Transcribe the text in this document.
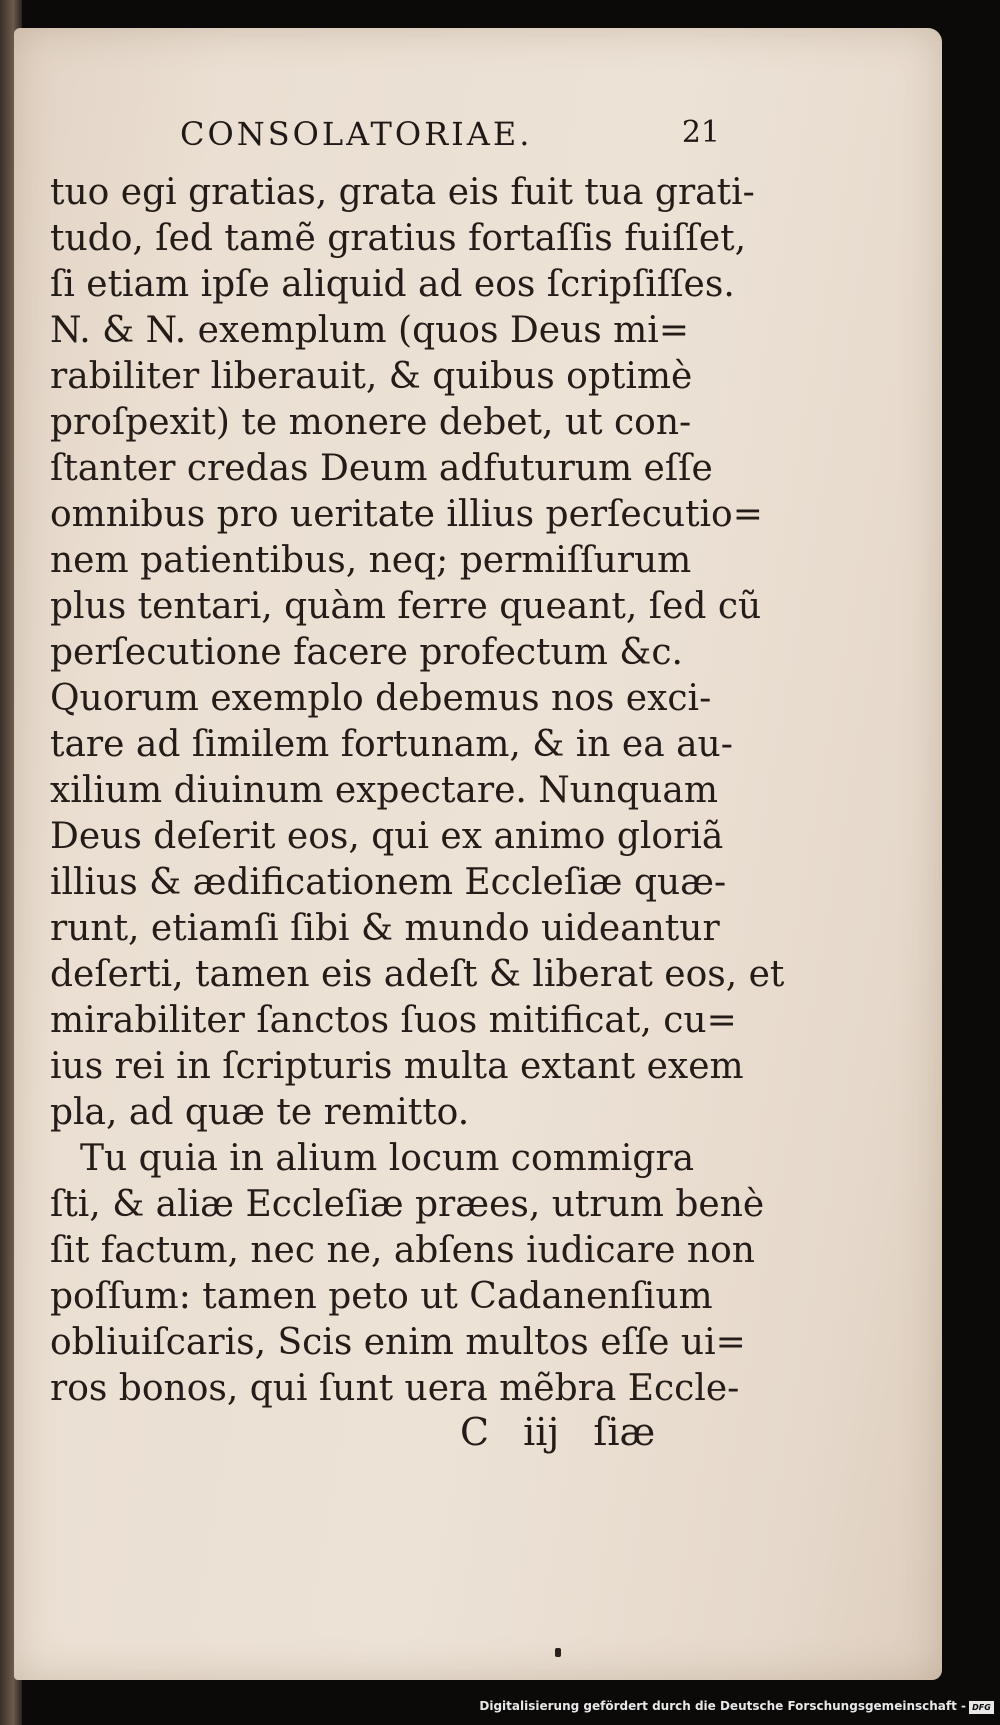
CONSOLATORIAE.	21
tuo egi gratias, grata eis fuit tua grati-
tudo, ſed tamẽ gratius fortaſſis fuiſſet,
ſi etiam ipſe aliquid ad eos ſcripſiſſes.
N. & N. exemplum (quos Deus mi=
rabiliter liberauit, & quibus optimè
proſpexit) te monere debet, ut con-
ſtanter credas Deum adfuturum eſſe
omnibus pro ueritate illius perſecutio=
nem patientibus, neq; permiſſurum
plus tentari, quàm ferre queant, ſed cũ
perſecutione facere profectum &c.
Quorum exemplo debemus nos exci-
tare ad ſimilem fortunam, & in ea au-
xilium diuinum expectare. Nunquam
Deus deſerit eos, qui ex animo gloriã
illius & ædificationem Eccleſiæ quæ-
runt, etiamſi ſibi & mundo uideantur
deſerti, tamen eis adeſt & liberat eos, et
mirabiliter ſanctos ſuos mitificat, cu=
ius rei in ſcripturis multa extant exem
pla, ad quæ te remitto.
Tu quia in alium locum commigra
ſti, & aliæ Eccleſiæ præes, utrum benè
ſit factum, nec ne, abſens iudicare non
poſſum: tamen peto ut Cadanenſium
obliuiſcaris, Scis enim multos eſſe ui=
ros bonos, qui ſunt uera mẽbra Eccle-
C iij ſiæ
Digitalisierung gefördert durch die Deutsche Forschungsgemeinschaft - DFG
